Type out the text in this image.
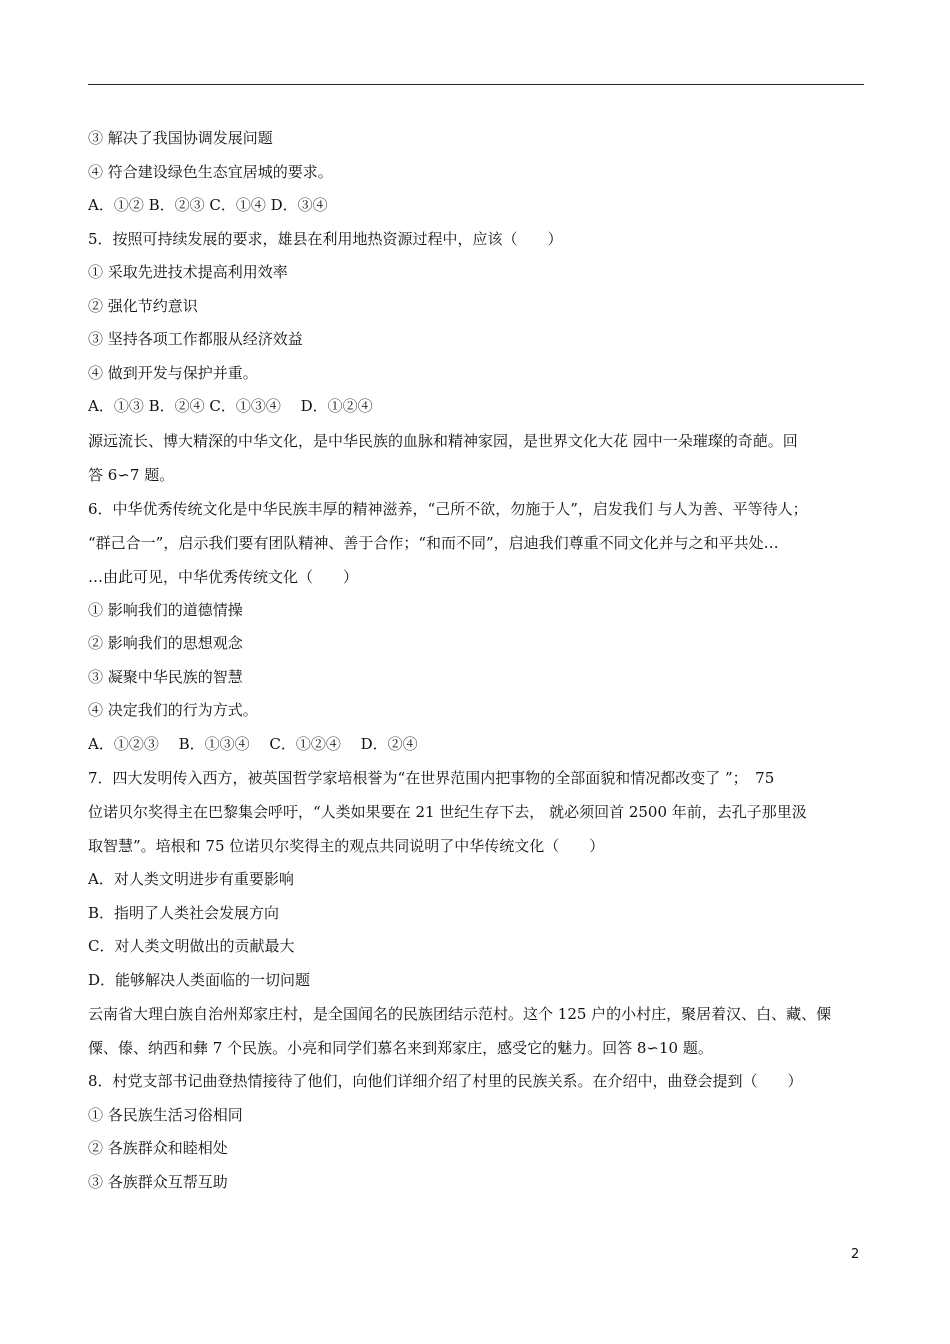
③ 解决了我国协调发展问题
④ 符合建设绿色生态宜居城的要求。
A．①② B．②③ C．①④ D．③④
5．按照可持续发展的要求，雄县在利用地热资源过程中，应该（　　）
① 采取先进技术提高利用效率
② 强化节约意识
③ 坚持各项工作都服从经济效益
④ 做到开发与保护并重。
A．①③ B．②④ C．①③④　 D．①②④
源远流长、博大精深的中华文化，是中华民族的血脉和精神家园，是世界文化大花 园中一朵璀璨的奇葩。回
答 6∽7 题。
6．中华优秀传统文化是中华民族丰厚的精神滋养，“己所不欲，勿施于人”，启发我们 与人为善、平等待人；
“群己合一”，启示我们要有团队精神、善于合作；“和而不同”，启迪我们尊重不同文化并与之和平共处…
…由此可见，中华优秀传统文化（　　）
① 影响我们的道德情操
② 影响我们的思想观念
③ 凝聚中华民族的智慧
④ 决定我们的行为方式。
A．①②③　 B．①③④　 C．①②④　 D．②④
7．四大发明传入西方，被英国哲学家培根誉为“在世界范围内把事物的全部面貌和情况都改变了 ”；　75
位诺贝尔奖得主在巴黎集会呼吁，“人类如果要在 21 世纪生存下去， 就必须回首 2500 年前，去孔子那里汲
取智慧”。培根和 75 位诺贝尔奖得主的观点共同说明了中华传统文化（　　）
A．对人类文明进步有重要影响
B．指明了人类社会发展方向
C．对人类文明做出的贡献最大
D．能够解决人类面临的一切问题
云南省大理白族自治州郑家庄村，是全国闻名的民族团结示范村。这个 125 户的小村庄，聚居着汉、白、藏、傈
僳、傣、纳西和彝 7 个民族。小亮和同学们慕名来到郑家庄，感受它的魅力。回答 8∽10 题。
8．村党支部书记曲登热情接待了他们，向他们详细介绍了村里的民族关系。在介绍中，曲登会提到（　　）
① 各民族生活习俗相同
② 各族群众和睦相处
③ 各族群众互帮互助
2
